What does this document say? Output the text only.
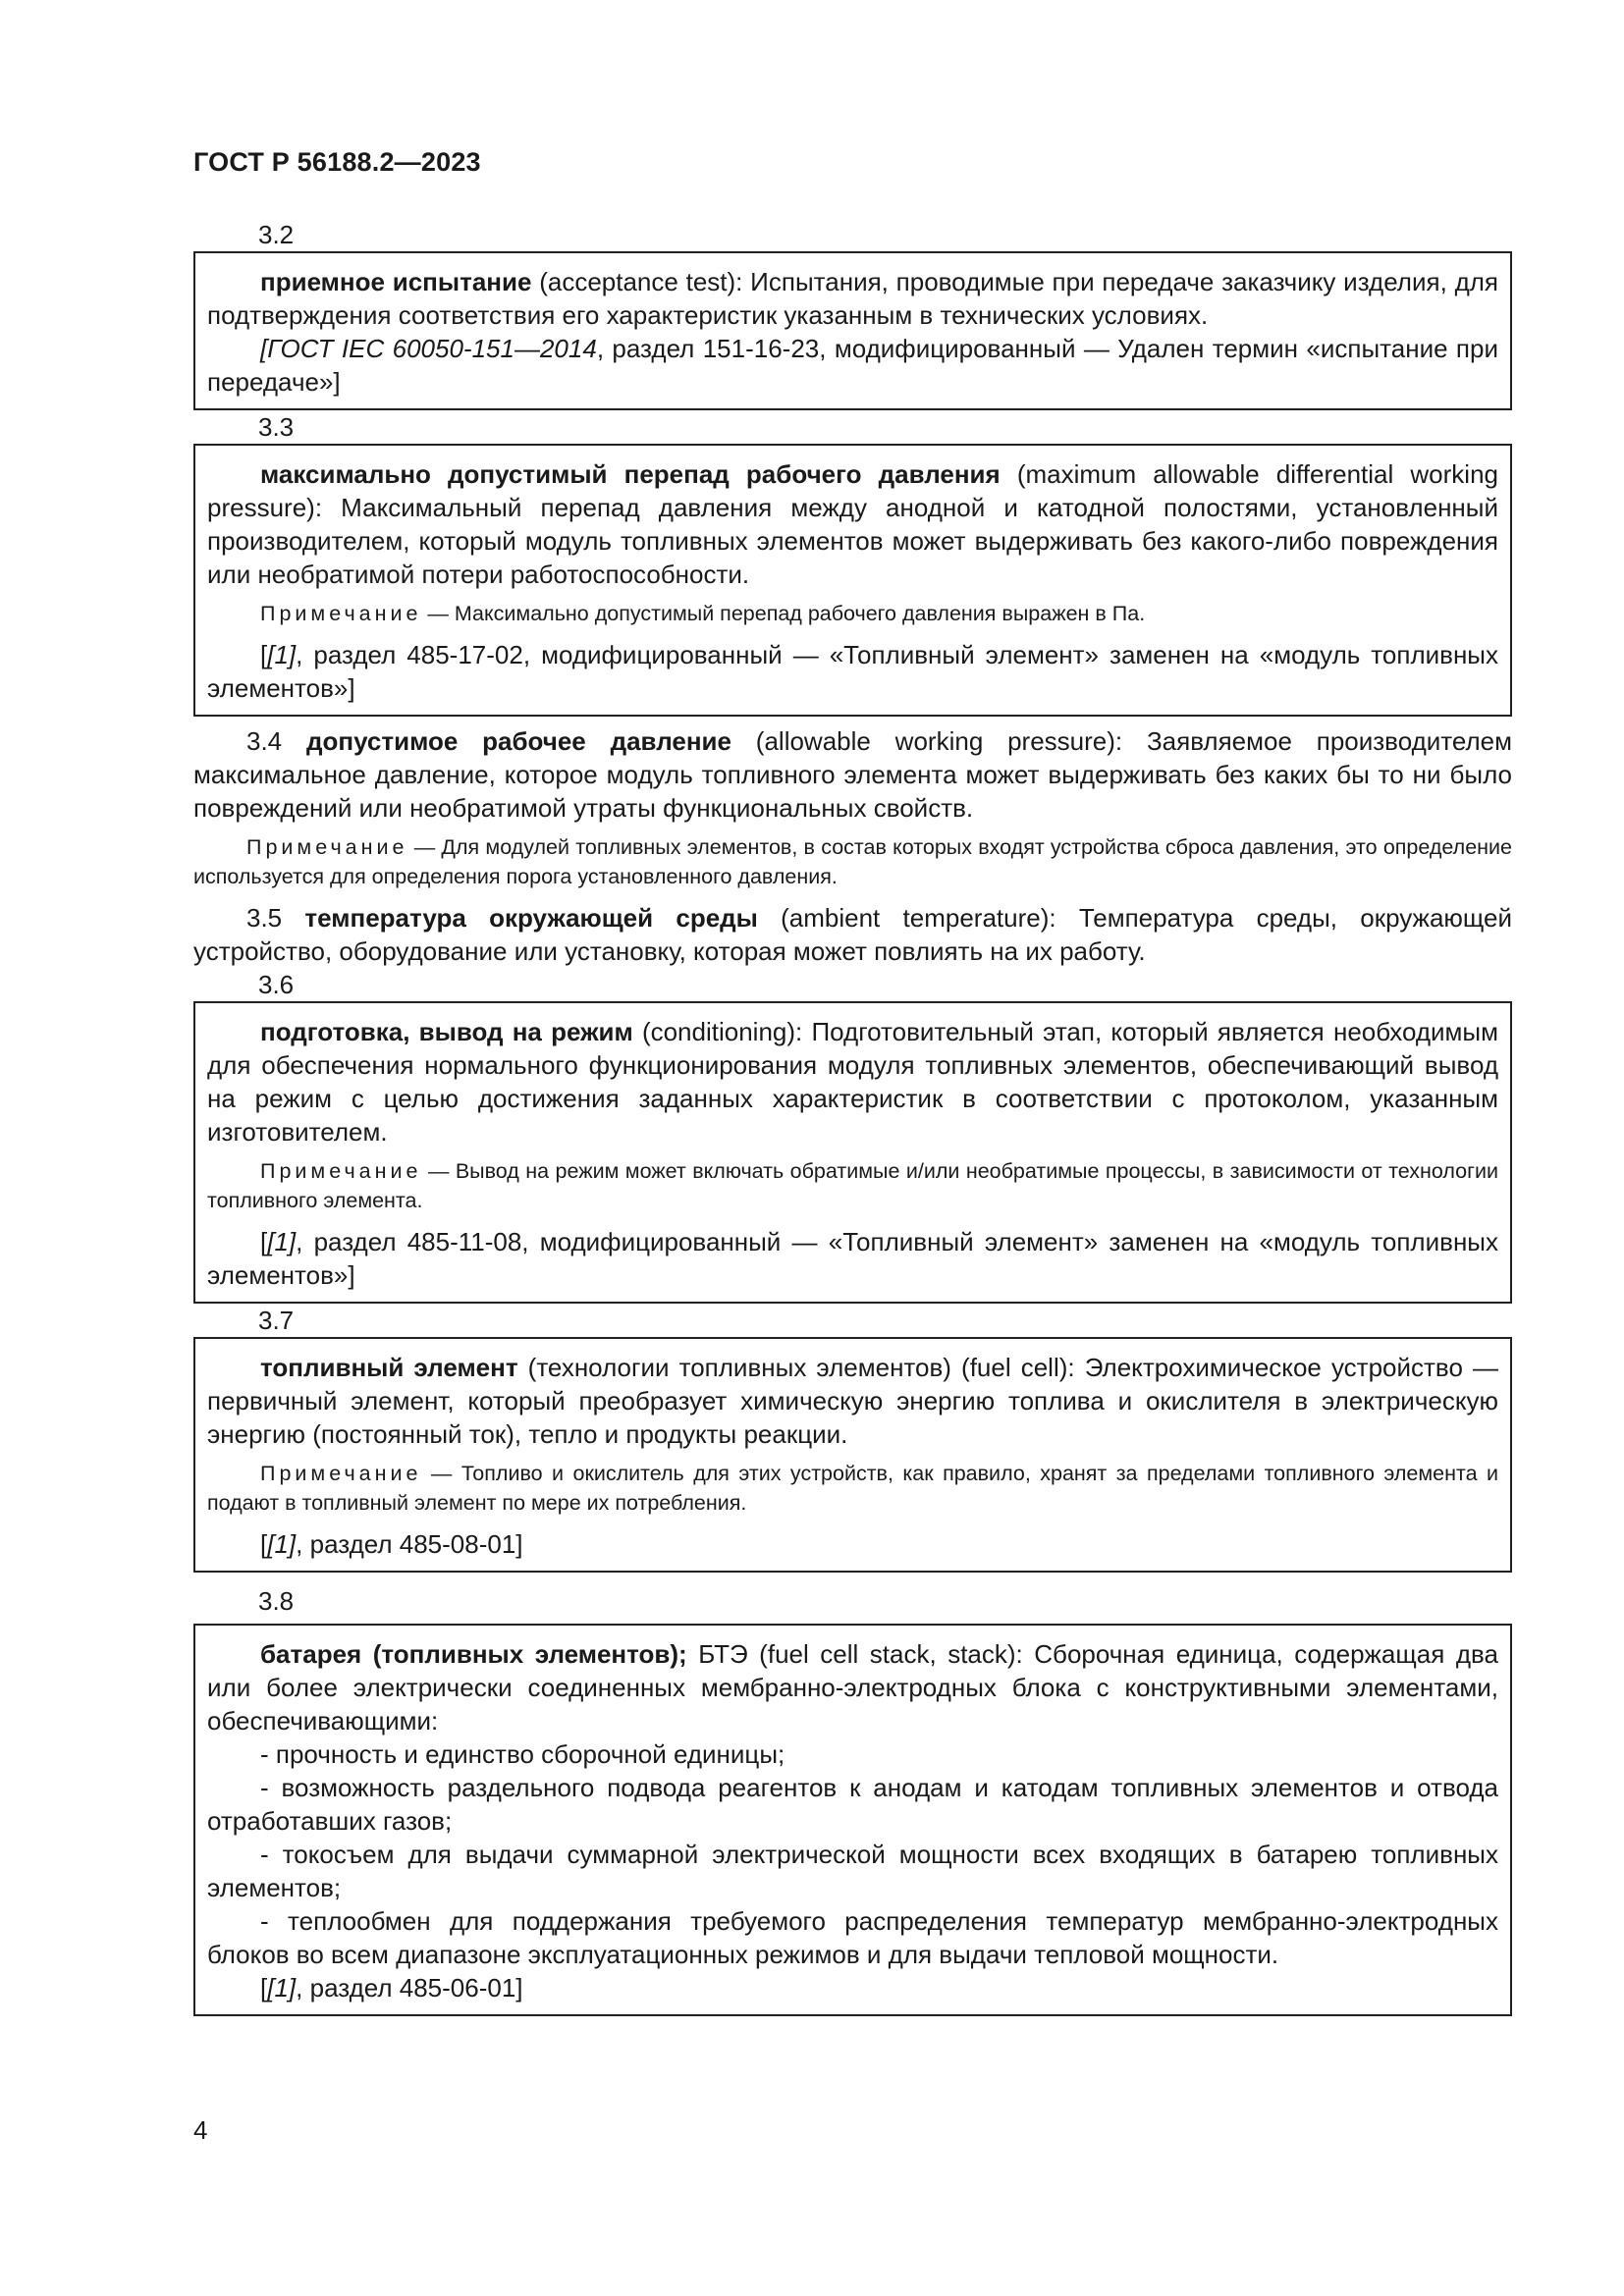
ГОСТ Р 56188.2—2023
3.2

приемное испытание (acceptance test): Испытания, проводимые при передаче заказчику изделия, для подтверждения соответствия его характеристик указанным в технических условиях.

[ГОСТ IEC 60050-151—2014, раздел 151-16-23, модифицированный — Удален термин «испытание при передаче»]

3.3

максимально допустимый перепад рабочего давления (maximum allowable differential working pressure): Максимальный перепад давления между анодной и катодной полостями, установленный производителем, который модуль топливных элементов может выдерживать без какого-либо повреждения или необратимой потери работоспособности.

Примечание — Максимально допустимый перепад рабочего давления выражен в Па.

[[1], раздел 485-17-02, модифицированный — «Топливный элемент» заменен на «модуль топливных элементов»]

3.4 допустимое рабочее давление (allowable working pressure): Заявляемое производителем максимальное давление, которое модуль топливного элемента может выдерживать без каких бы то ни было повреждений или необратимой утраты функциональных свойств.

Примечание — Для модулей топливных элементов, в состав которых входят устройства сброса давления, это определение используется для определения порога установленного давления.

3.5 температура окружающей среды (ambient temperature): Температура среды, окружающей устройство, оборудование или установку, которая может повлиять на их работу.

3.6

подготовка, вывод на режим (conditioning): Подготовительный этап, который является необходимым для обеспечения нормального функционирования модуля топливных элементов, обеспечивающий вывод на режим с целью достижения заданных характеристик в соответствии с протоколом, указанным изготовителем.

Примечание — Вывод на режим может включать обратимые и/или необратимые процессы, в зависимости от технологии топливного элемента.

[[1], раздел 485-11-08, модифицированный — «Топливный элемент» заменен на «модуль топливных элементов»]

3.7

топливный элемент (технологии топливных элементов) (fuel cell): Электрохимическое устройство — первичный элемент, который преобразует химическую энергию топлива и окислителя в электрическую энергию (постоянный ток), тепло и продукты реакции.

Примечание — Топливо и окислитель для этих устройств, как правило, хранят за пределами топливного элемента и подают в топливный элемент по мере их потребления.

[[1], раздел 485-08-01]

3.8

батарея (топливных элементов); БТЭ (fuel cell stack, stack): Сборочная единица, содержащая два или более электрически соединенных мембранно-электродных блока с конструктивными элементами, обеспечивающими:

- прочность и единство сборочной единицы;

- возможность раздельного подвода реагентов к анодам и катодам топливных элементов и отвода отработавших газов;

- токосъем для выдачи суммарной электрической мощности всех входящих в батарею топливных элементов;

- теплообмен для поддержания требуемого распределения температур мембранно-электродных блоков во всем диапазоне эксплуатационных режимов и для выдачи тепловой мощности.

[[1], раздел 485-06-01]

4
